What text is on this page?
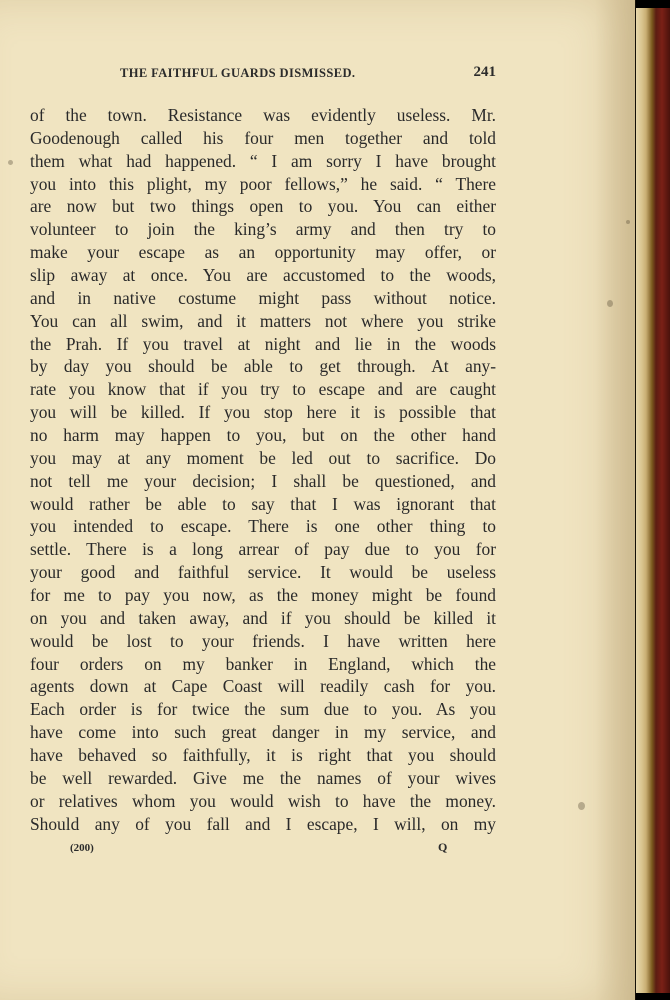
THE FAITHFUL GUARDS DISMISSED.	241
of the town. Resistance was evidently useless. Mr.
Goodenough called his four men together and told
them what had happened. “ I am sorry I have brought
you into this plight, my poor fellows,” he said. “ There
are now but two things open to you. You can either
volunteer to join the king’s army and then try to
make your escape as an opportunity may offer, or
slip away at once. You are accustomed to the woods,
and in native costume might pass without notice.
You can all swim, and it matters not where you strike
the Prah. If you travel at night and lie in the woods
by day you should be able to get through. At any-
rate you know that if you try to escape and are caught
you will be killed. If you stop here it is possible that
no harm may happen to you, but on the other hand
you may at any moment be led out to sacrifice. Do
not tell me your decision; I shall be questioned, and
would rather be able to say that I was ignorant that
you intended to escape. There is one other thing to
settle. There is a long arrear of pay due to you for
your good and faithful service. It would be useless
for me to pay you now, as the money might be found
on you and taken away, and if you should be killed it
would be lost to your friends. I have written here
four orders on my banker in England, which the
agents down at Cape Coast will readily cash for you.
Each order is for twice the sum due to you. As you
have come into such great danger in my service, and
have behaved so faithfully, it is right that you should
be well rewarded. Give me the names of your wives
or relatives whom you would wish to have the money.
Should any of you fall and I escape, I will, on my
(200)	Q
